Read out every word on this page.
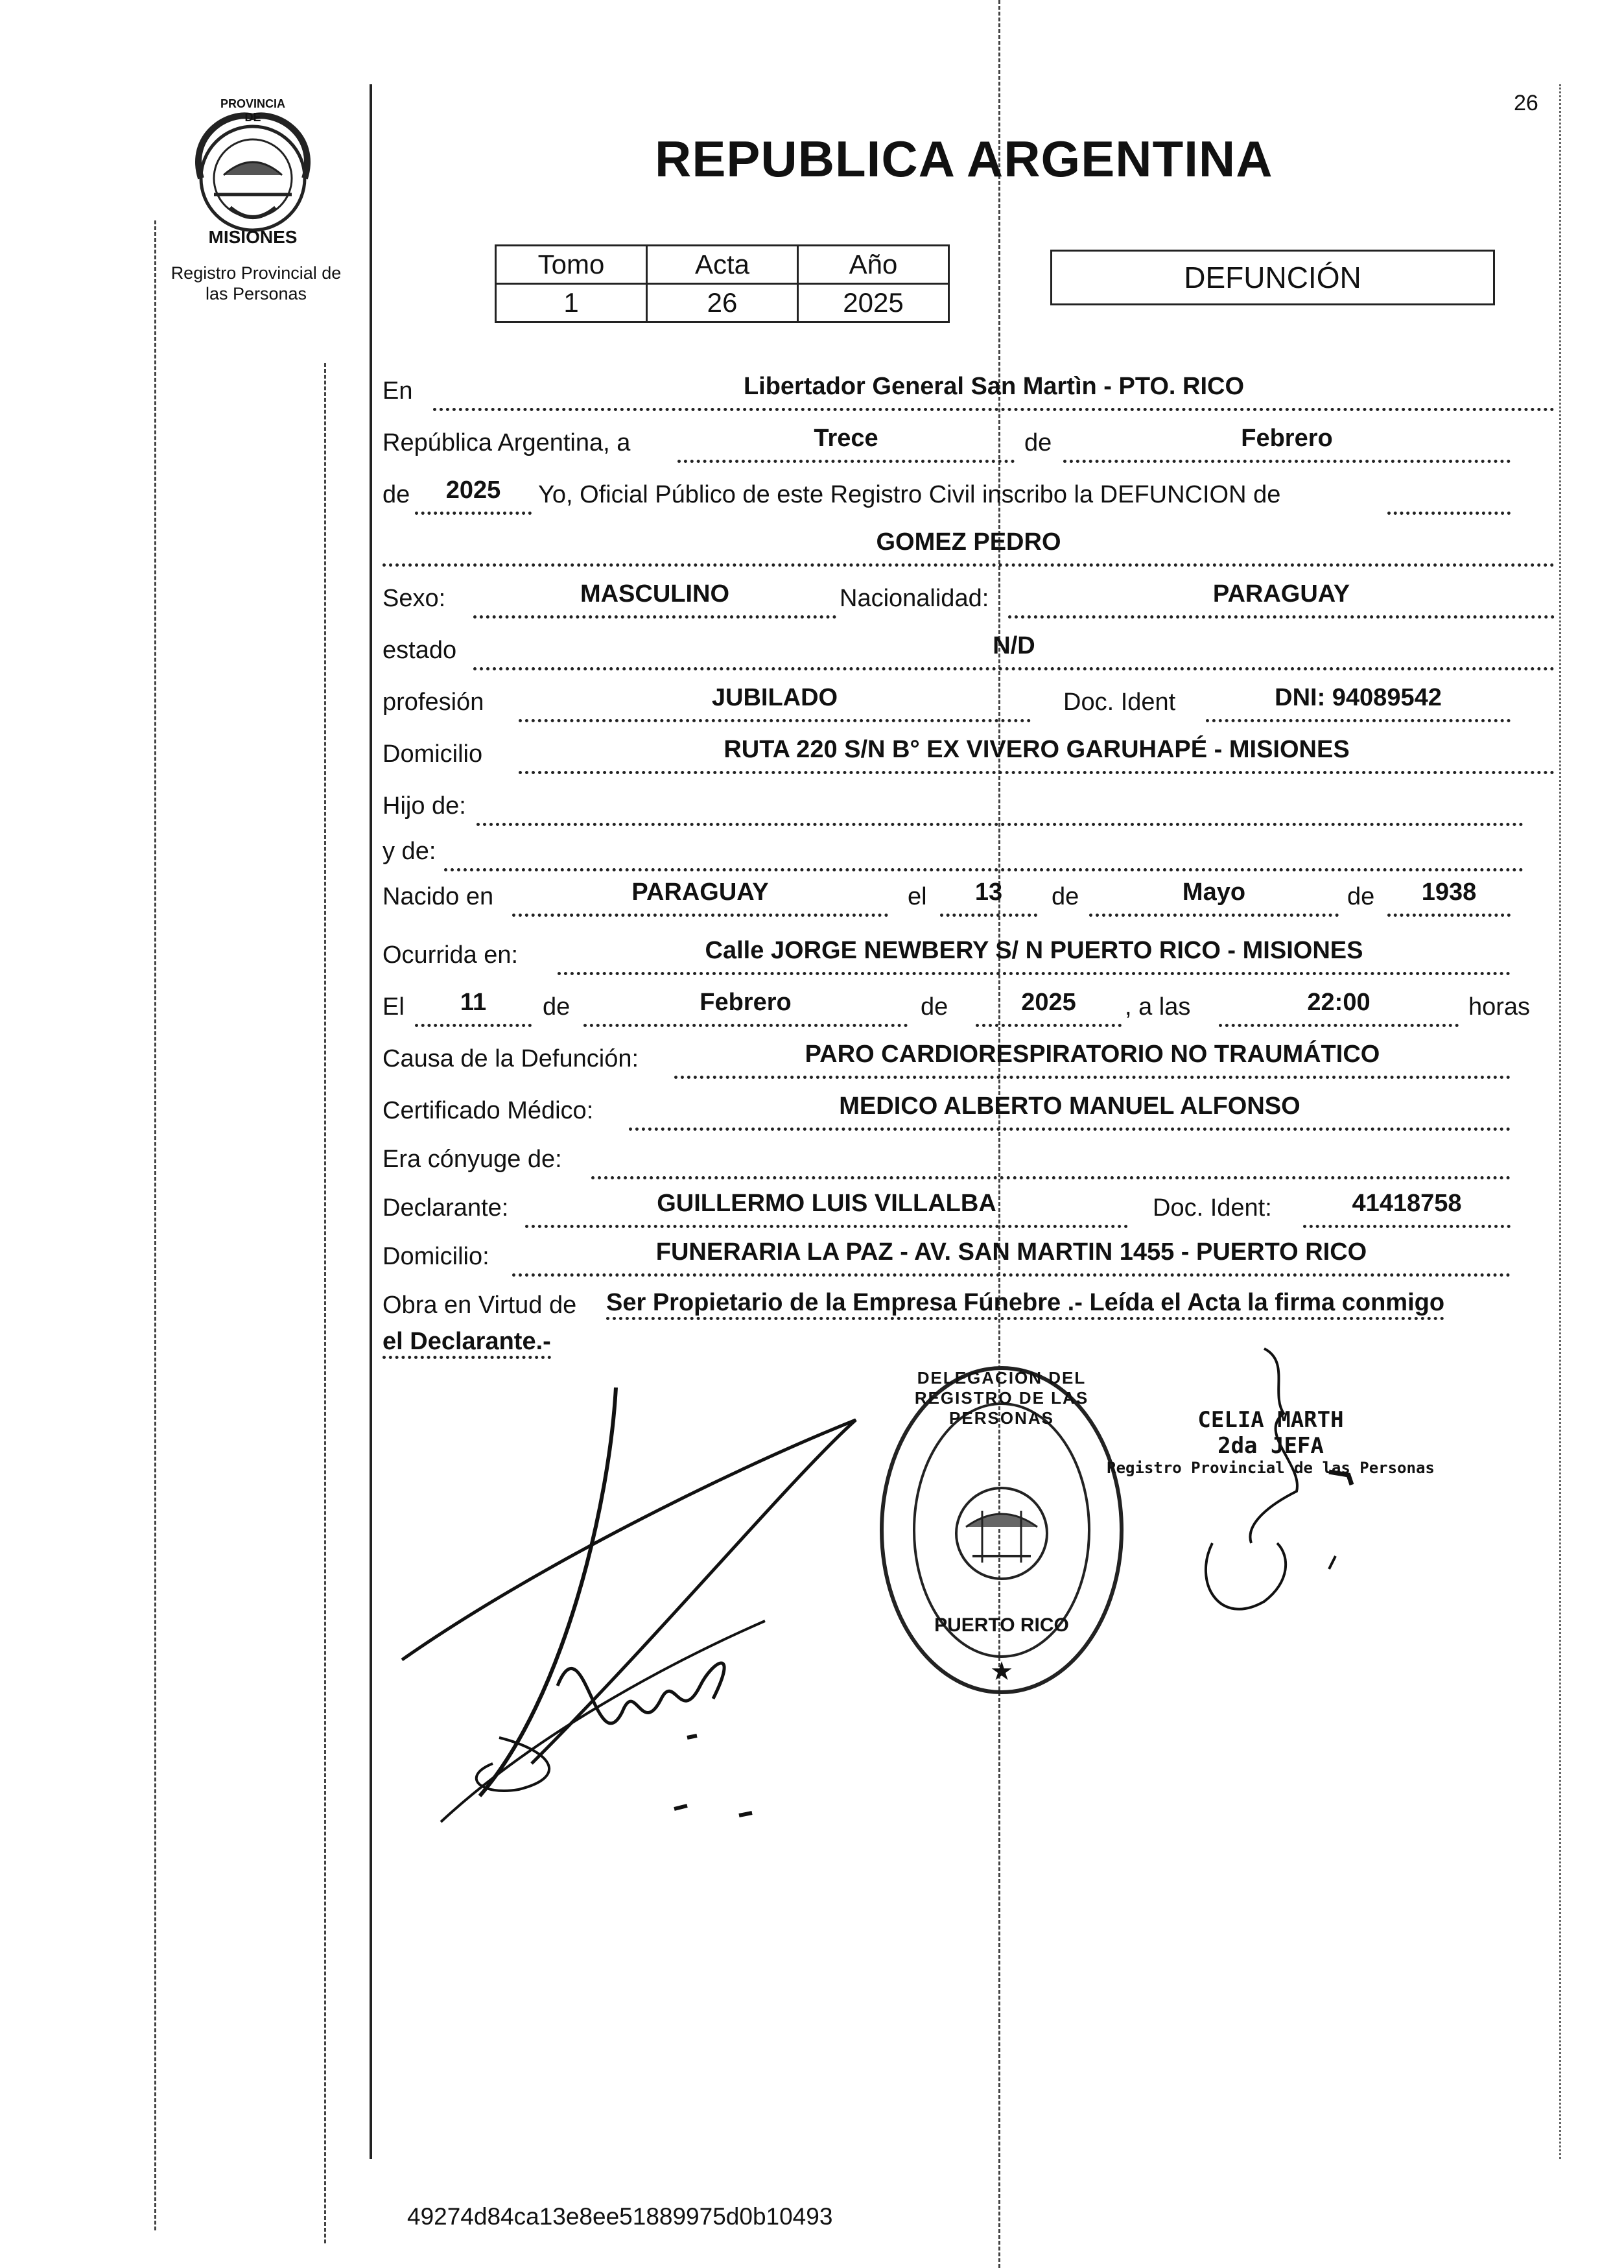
PROVINCIA DE
MISIONES
Registro Provincial de
las Personas
REPUBLICA ARGENTINA
26
Tomo	Acta	Año
1	26	2025
DEFUNCIÓN
En	Libertador General San Martìn - PTO. RICO
República Argentina, a	Trece	de	Febrero
de	2025	Yo, Oficial Público de este Registro Civil inscribo la DEFUNCION de
GOMEZ PEDRO
Sexo:	MASCULINO	Nacionalidad:	PARAGUAY
estado	N/D
profesión	JUBILADO	Doc. Ident	DNI: 94089542
Domicilio	RUTA 220 S/N B° EX VIVERO GARUHAPÉ - MISIONES
Hijo de:
y de:
Nacido en	PARAGUAY	el	13	de	Mayo	de	1938
Ocurrida en:	Calle JORGE NEWBERY S/ N PUERTO RICO - MISIONES
El	11	de	Febrero	de	2025	, a las	22:00	horas
Causa de la Defunción:	PARO CARDIORESPIRATORIO NO TRAUMÁTICO
Certificado Médico:	MEDICO ALBERTO MANUEL ALFONSO
Era cónyuge de:
Declarante:	GUILLERMO LUIS VILLALBA	Doc. Ident:	41418758
Domicilio:	FUNERARIA LA PAZ - AV. SAN MARTIN 1455 - PUERTO RICO
Obra en Virtud de Ser Propietario de la Empresa Fúnebre .- Leída el Acta la firma conmigo
el Declarante.-
DELEGACIÓN DEL REGISTRO DE LAS PERSONAS
PUERTO RICO
★
CELIA MARTH
2da JEFA
Registro Provincial de las Personas
49274d84ca13e8ee51889975d0b10493
